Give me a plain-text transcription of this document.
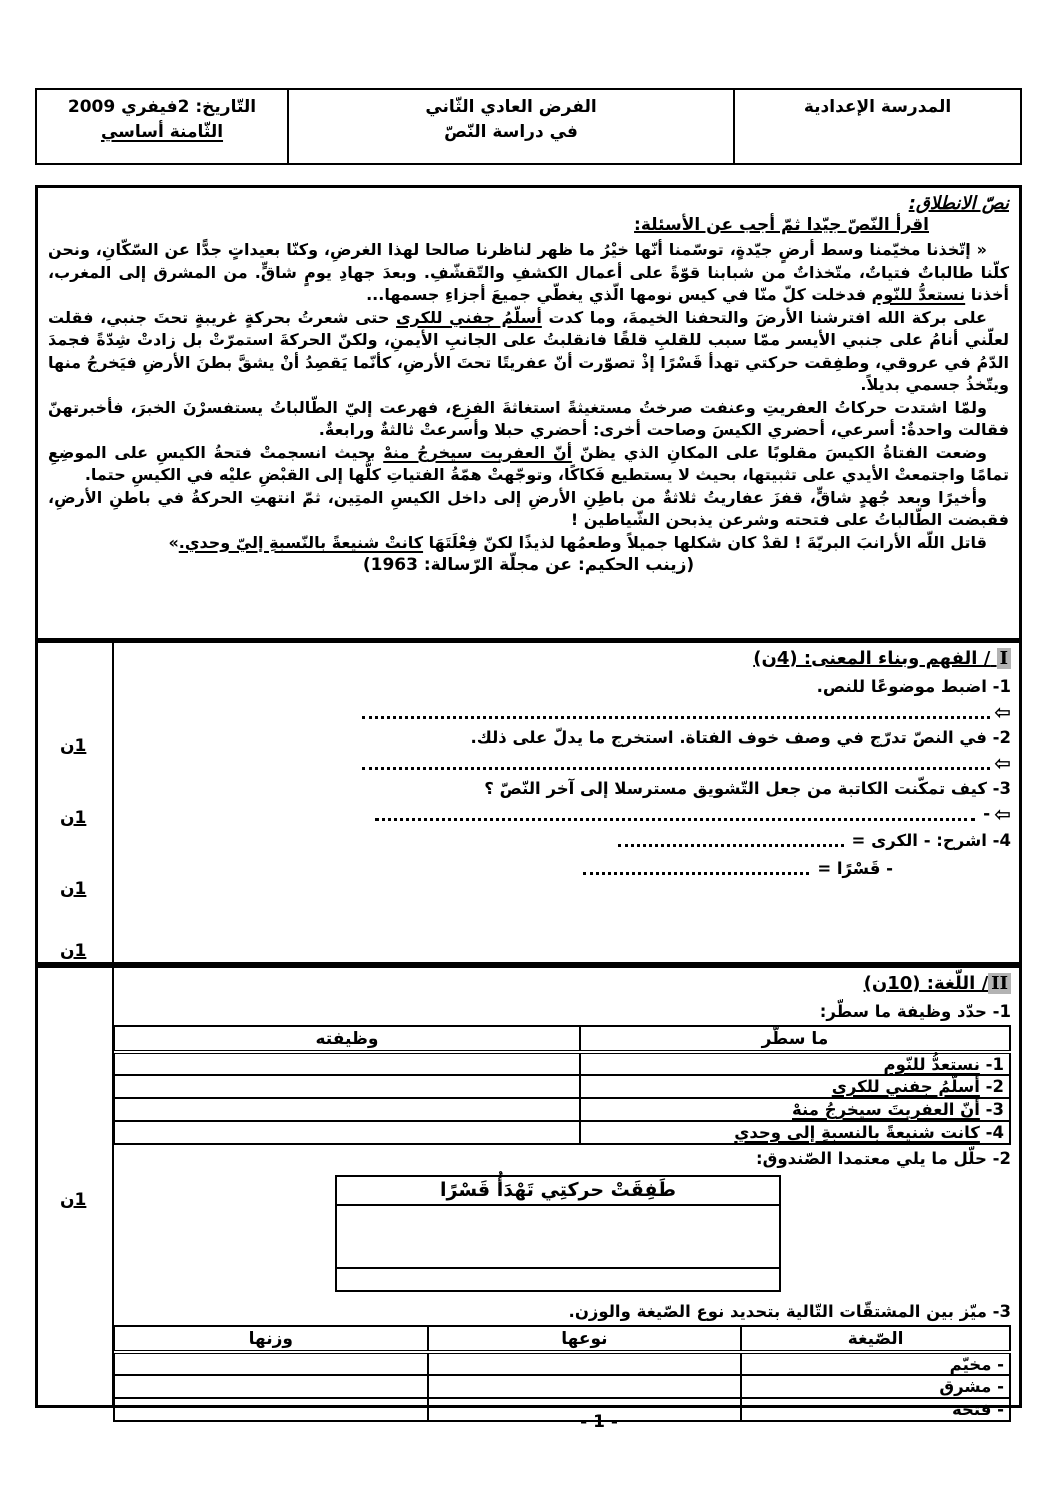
المدرسة الإعدادية
الفرض العادي الثّاني
في دراسة النّصّ
التّاريخ: 2فيفري 2009
الثّامنة أساسي
نصّ الانطلاق:
اقرأ النّصّ جيّدا ثمّ أجب عن الأسئلة:

« إتّخذنا مخيّمنا وسط أرضٍ جيّدةٍ، توسّمنا أنّها خيْرُ ما ظهر لناظرنا صالحا لهذا الغرضِ، وكنّا بعيداتٍ جدًّا عن السّكّانِ، ونحن كلّنا طالباتٌ فتياتٌ، متّخذاتٌ من شبابنا قوّةً على أعمال الكشفِ والتّقشّفِ. وبعدَ جهادِ يومٍ شاقٍّ. من المشرق إلى المغرب، أخذنا نستعدُّ للنّوم فدخلت كلّ منّا في كيس نومها الّذي يغطّي جميعَ أجزاءِ جسمها...

على بركة الله افترشنا الأرضَ والتحفنا الخيمةَ، وما كدت أسلّمُ جفني للكرى حتى شعرتُ بحركةٍ غريبةٍ تحتَ جنبي، فقلت لعلّني أنامُ على جنبي الأيسر ممّا سبب للقلبِ قلقًا فانقلبتُ على الجانبِ الأيمنِ، ولكنّ الحركةَ استمرّتْ بل زادتْ شِدّةً فجمدَ الدّمُ في عروقي، وطفِقت حركتي تهدأ قَسْرًا إذْ تصوّرت أنّ عفريتًا تحتَ الأرضِ، كأنّما يَقصِدُ أنْ يشقَّ بطنَ الأرضِ فيَخرجُ منها ويتّخذُ جسمي بديلاً.

ولمّا اشتدت حركاتُ العفريتِ وعنفت صرختُ مستغيثةً استغاثةَ الفزِع، فهرعت إليّ الطّالباتُ يستفسرْنَ الخبرَ، فأخبرتهنّ فقالت واحدةٌ: أسرعي، أحضري الكيسَ وصاحت أخرى: أحضري حبلا وأسرعتْ ثالثةٌ ورابعةٌ.

وضعت الفتاةُ الكيسَ مقلوبًا على المكانِ الذي يظنّ أنّ العفريت سيخرجُ منهْ بحيث انسجمتْ فتحةُ الكيسِ على الموضِعِ تمامًا واجتمعتْ الأيدي على تثبيتها، بحيث لا يستطيع فَكاكًا، وتوجّهتْ همّةُ الفتياتِ كلُّها إلى القبْضِ عليْه في الكيسِ حتما.

وأخيرًا وبعد جُهدٍ شاقٍّ، قفزَ عفاريتُ ثلاثةٌ من باطِنِ الأرضِ إلى داخل الكيسِ المتِين، ثمّ انتهتِ الحركةُ في باطنِ الأرضِ، فقبضت الطّالباتُ على فتحته وشرعن يذبحن الشّياطين !

قاتل اللّه الأرانبَ البريّةَ ! لقدْ كان شكلها جميلاً وطعمُها لذيذًا لكنّ فِعْلَتَهَا كانتْ شنيعةً بالنّسبةِ إليّ وحدي.»

(زينب الحكيم: عن مجلّة الرّسالة: 1963)
1ن
1ن
1ن
1ن
I / الفهم وبناء المعنى: (4ن)
1- اضبط موضوعًا للنص.
⇦
2- في النصّ تدرّج في وصف خوف الفتاة. استخرج ما يدلّ على ذلك.
⇦
3- كيف تمكّنت الكاتبة من جعل التّشويق مسترسلا إلى آخر النّصّ ؟
⇦
-
4- اشرح: - الكرى =
- قَسْرًا =
1ن
II/ اللّغة: (10ن)
1- حدّد وظيفة ما سطّر:
ما سطّر	وظيفته
1- نستعدُّ للنّوم	
2- أسلّمُ جفني للكرى	
3- أنّ العفريتَ سيخرجُ منهْ	
4- كانت شنيعةً بالنسبةِ إلى وحدي	
2- حلّل ما يلي معتمدا الصّندوق:
طَفِقَتْ حركتِي تَهْدَأُ قَسْرًا
3- ميّز بين المشتقّات التّالية بتحديد نوع الصّيغة والوزن.
الصّيغة	نوعها	وزنها
- مخيّم		
- مشرق		
- فتحة		
- 1 -
